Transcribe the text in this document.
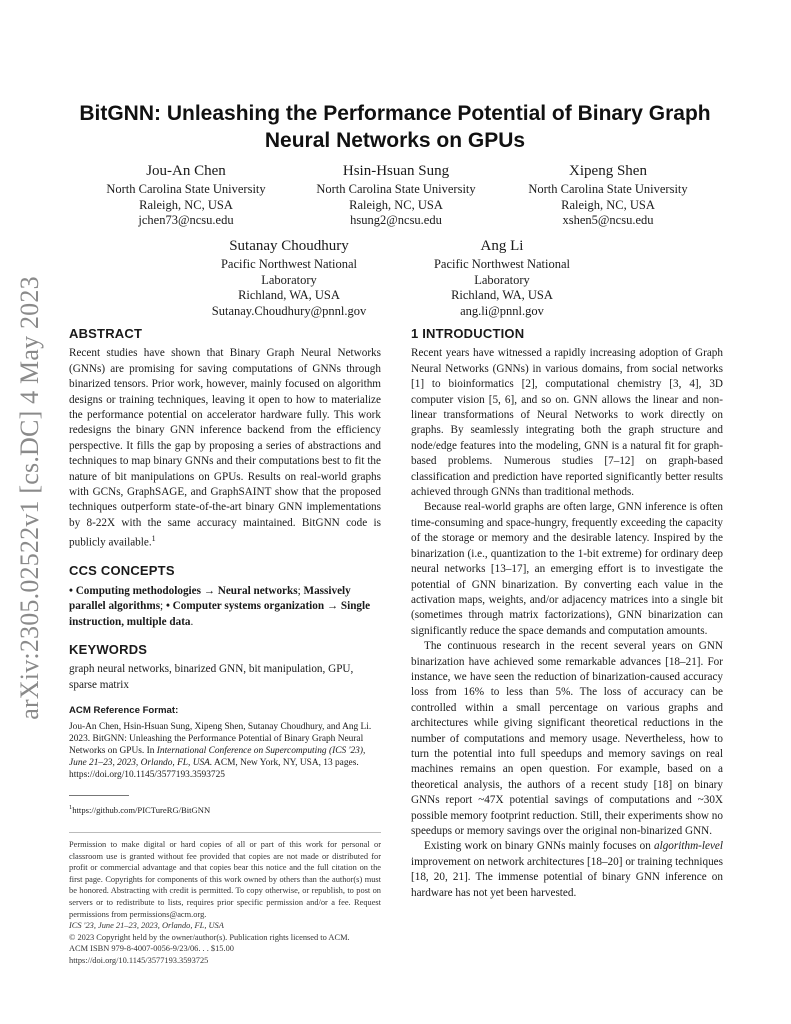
arXiv:2305.02522v1 [cs.DC] 4 May 2023
BitGNN: Unleashing the Performance Potential of Binary Graph Neural Networks on GPUs
Jou-An Chen
North Carolina State University
Raleigh, NC, USA
jchen73@ncsu.edu
Hsin-Hsuan Sung
North Carolina State University
Raleigh, NC, USA
hsung2@ncsu.edu
Xipeng Shen
North Carolina State University
Raleigh, NC, USA
xshen5@ncsu.edu
Sutanay Choudhury
Pacific Northwest National
Laboratory
Richland, WA, USA
Sutanay.Choudhury@pnnl.gov
Ang Li
Pacific Northwest National
Laboratory
Richland, WA, USA
ang.li@pnnl.gov
ABSTRACT

Recent studies have shown that Binary Graph Neural Networks (GNNs) are promising for saving computations of GNNs through binarized tensors. Prior work, however, mainly focused on algorithm designs or training techniques, leaving it open to how to materialize the performance potential on accelerator hardware fully. This work redesigns the binary GNN inference backend from the efficiency perspective. It fills the gap by proposing a series of abstractions and techniques to map binary GNNs and their computations best to fit the nature of bit manipulations on GPUs. Results on real-world graphs with GCNs, GraphSAGE, and GraphSAINT show that the proposed techniques outperform state-of-the-art binary GNN implementations by 8-22X with the same accuracy maintained. BitGNN code is publicly available.$^1$

CCS CONCEPTS

• Computing methodologies → Neural networks; Massively parallel algorithms; • Computer systems organization → Single instruction, multiple data.

KEYWORDS

graph neural networks, binarized GNN, bit manipulation, GPU, sparse matrix

ACM Reference Format:

Jou-An Chen, Hsin-Hsuan Sung, Xipeng Shen, Sutanay Choudhury, and Ang Li. 2023. BitGNN: Unleashing the Performance Potential of Binary Graph Neural Networks on GPUs. In International Conference on Supercomputing (ICS '23), June 21–23, 2023, Orlando, FL, USA. ACM, New York, NY, USA, 13 pages. https://doi.org/10.1145/3577193.3593725

$^1$https://github.com/PICTureRG/BitGNN

Permission to make digital or hard copies of all or part of this work for personal or classroom use is granted without fee provided that copies are not made or distributed for profit or commercial advantage and that copies bear this notice and the full citation on the first page. Copyrights for components of this work owned by others than the author(s) must be honored. Abstracting with credit is permitted. To copy otherwise, or republish, to post on servers or to redistribute to lists, requires prior specific permission and/or a fee. Request permissions from permissions@acm.org.

ICS '23, June 21–23, 2023, Orlando, FL, USA

© 2023 Copyright held by the owner/author(s). Publication rights licensed to ACM.

ACM ISBN 979-8-4007-0056-9/23/06. . . $15.00

https://doi.org/10.1145/3577193.3593725

1 INTRODUCTION

Recent years have witnessed a rapidly increasing adoption of Graph Neural Networks (GNNs) in various domains, from social networks [1] to bioinformatics [2], computational chemistry [3, 4], 3D computer vision [5, 6], and so on. GNN allows the linear and non-linear transformations of Neural Networks to work directly on graphs. By seamlessly integrating both the graph structure and node/edge features into the modeling, GNN is a natural fit for graph-based problems. Numerous studies [7–12] on graph-based classification and prediction have reported significantly better results achieved through GNNs than traditional methods.

Because real-world graphs are often large, GNN inference is often time-consuming and space-hungry, frequently exceeding the capacity of the storage or memory and the desirable latency. Inspired by the binarization (i.e., quantization to the 1-bit extreme) for ordinary deep neural networks [13–17], an emerging effort is to investigate the potential of GNN binarization. By converting each value in the activation maps, weights, and/or adjacency matrices into a single bit (sometimes through matrix factorizations), GNN binarization can significantly reduce the space demands and computation amounts.

The continuous research in the recent several years on GNN binarization have achieved some remarkable advances [18–21]. For instance, we have seen the reduction of binarization-caused accuracy loss from 16% to less than 5%. The loss of accuracy can be controlled within a small percentage on various graphs and architectures while giving significant theoretical reductions in the number of computations and memory usage. Nevertheless, how to turn the potential into full speedups and memory savings on real machines remains an open question. For example, based on a theoretical analysis, the authors of a recent study [18] on binary GNNs report ~47X potential savings of computations and ~30X possible memory footprint reduction. Still, their experiments show no speedups or memory savings over the original non-binarized GNN.

Existing work on binary GNNs mainly focuses on algorithm-level improvement on network architectures [18–20] or training techniques [18, 20, 21]. The immense potential of binary GNN inference on hardware has not yet been harvested.
